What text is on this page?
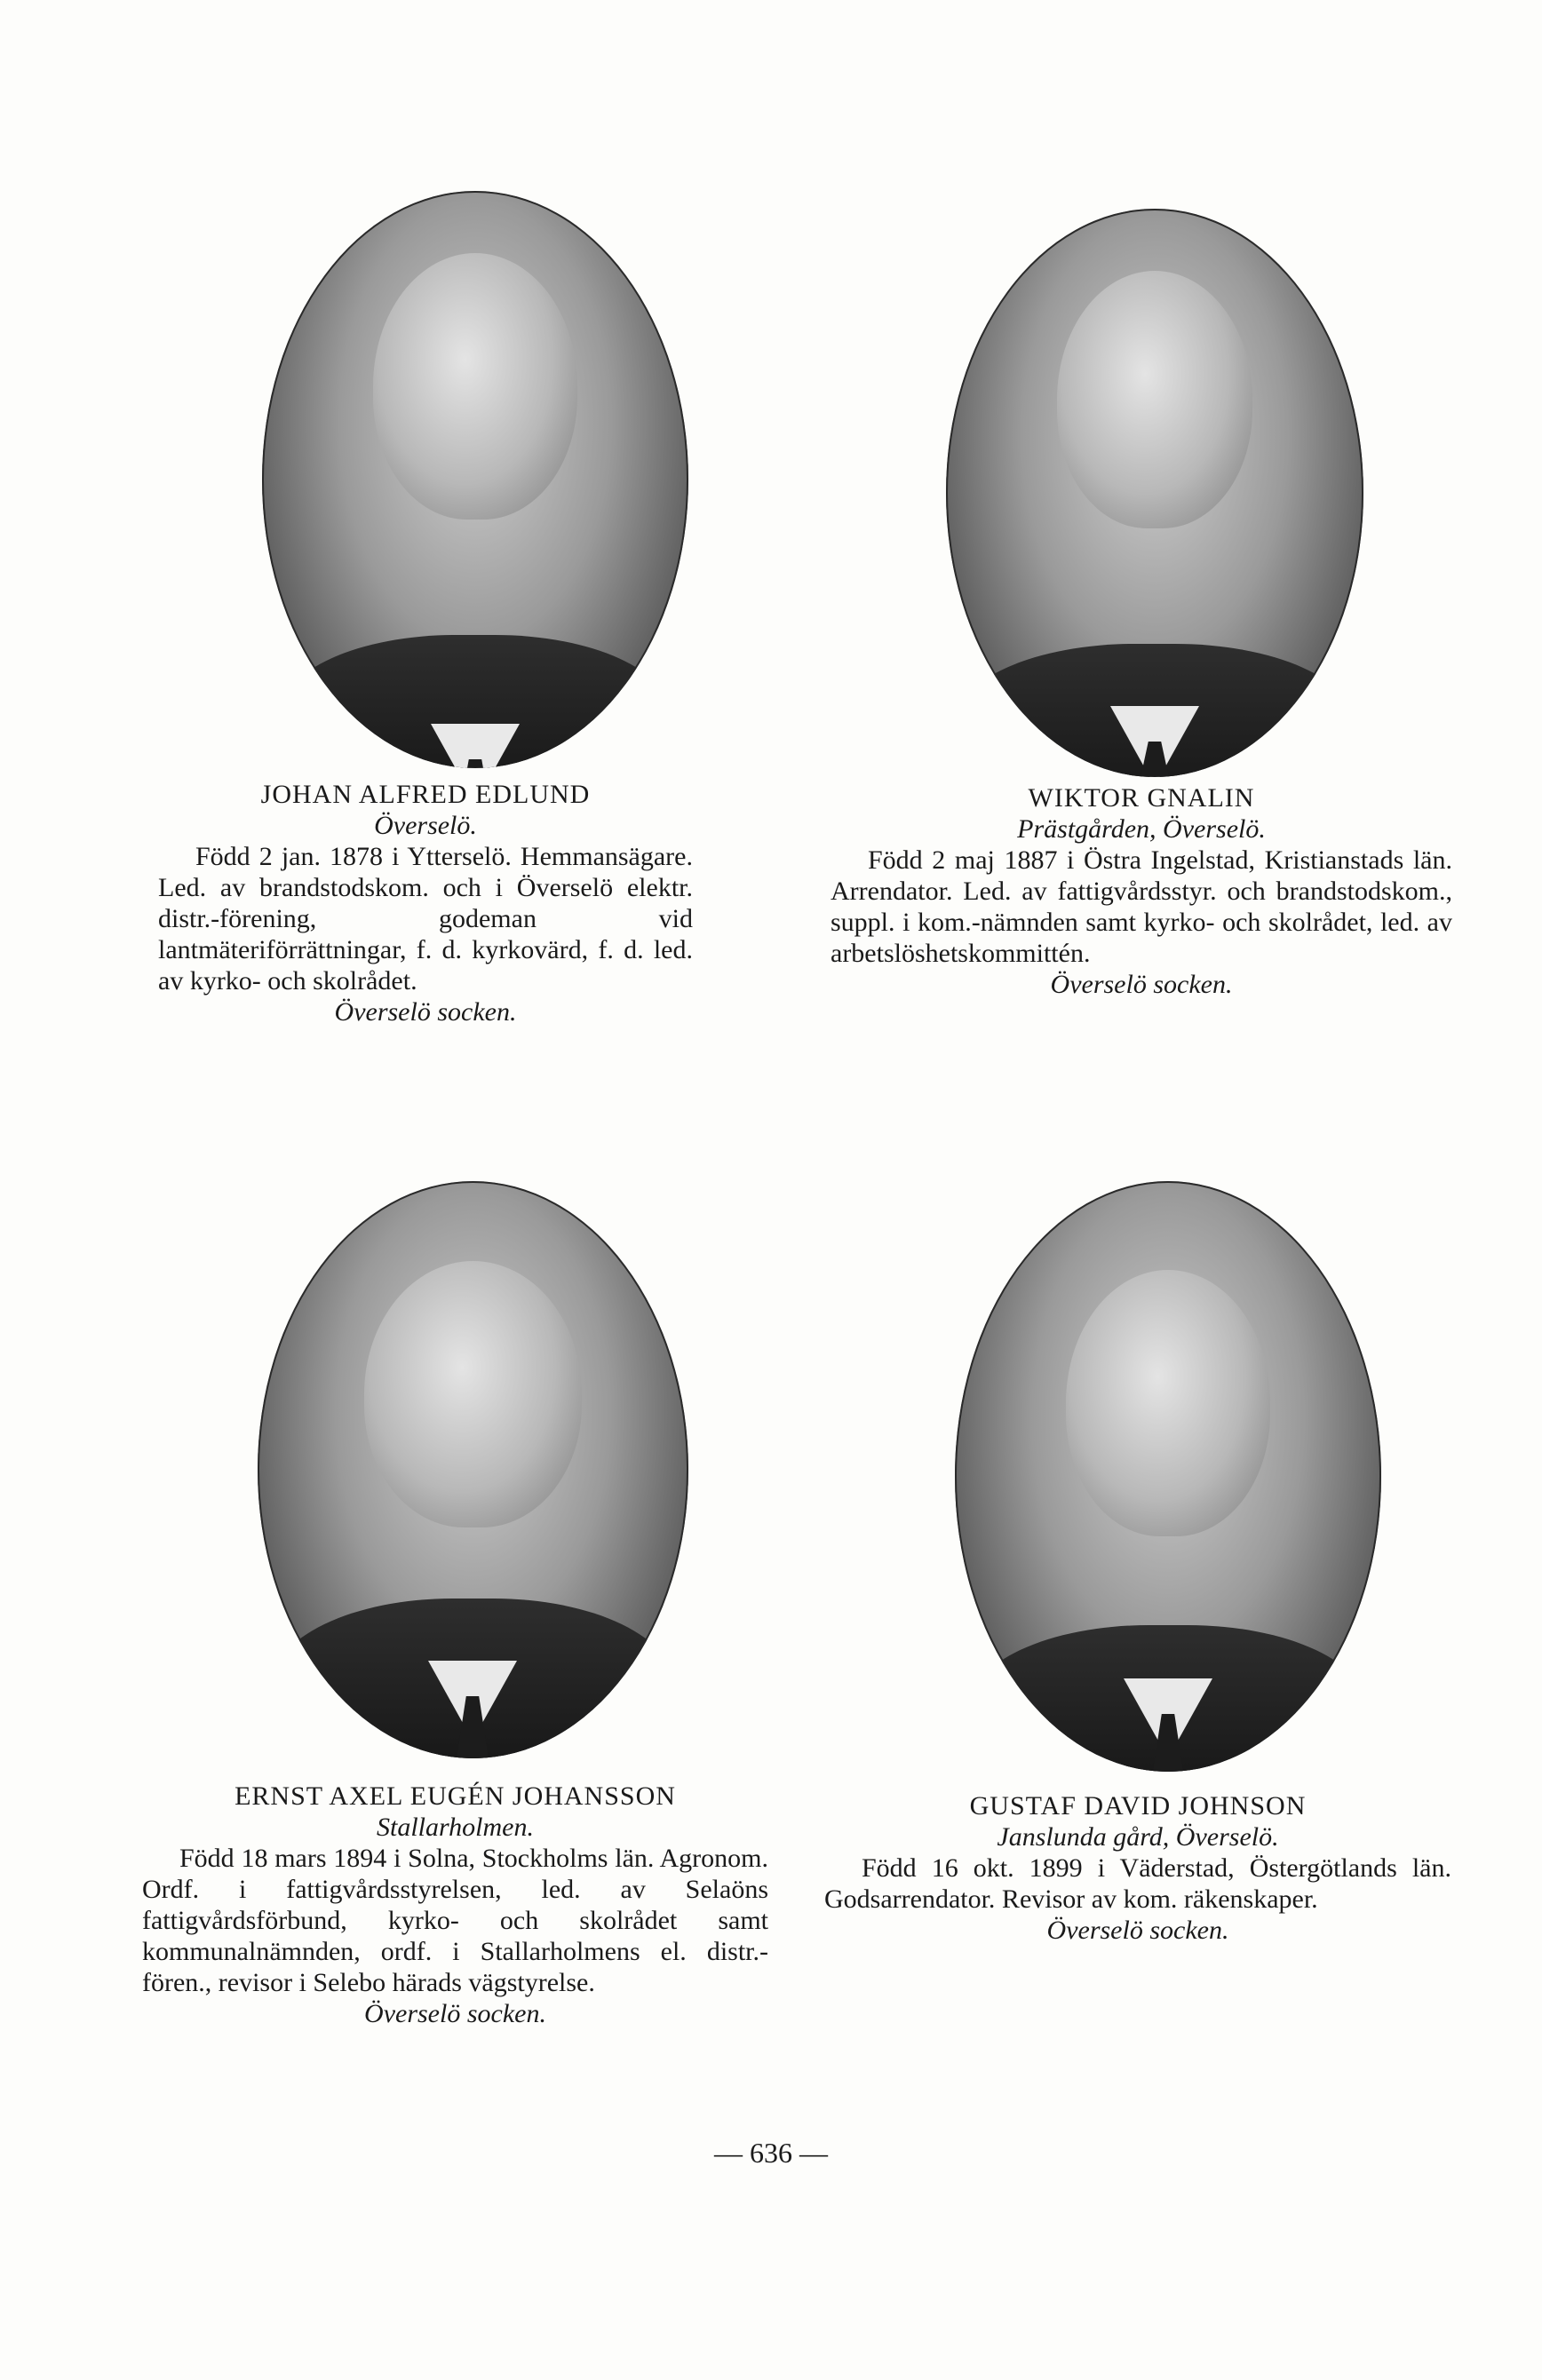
JOHAN ALFRED EDLUND
Överselö.
Född 2 jan. 1878 i Ytterselö. Hemmansägare. Led. av brandstodskom. och i Överselö elektr. distr.-förening, godeman vid lantmäteriförrättningar, f. d. kyrkovärd, f. d. led. av kyrko- och skolrådet.
Överselö socken.
WIKTOR GNALIN
Prästgården, Överselö.
Född 2 maj 1887 i Östra Ingelstad, Kristianstads län. Arrendator. Led. av fattigvårdsstyr. och brandstodskom., suppl. i kom.-nämnden samt kyrko- och skolrådet, led. av arbetslöshetskommittén.
Överselö socken.
ERNST AXEL EUGÉN JOHANSSON
Stallarholmen.
Född 18 mars 1894 i Solna, Stockholms län. Agronom. Ordf. i fattigvårdsstyrelsen, led. av Selaöns fattigvårdsförbund, kyrko- och skolrådet samt kommunalnämnden, ordf. i Stallarholmens el. distr.-fören., revisor i Selebo härads vägstyrelse.
Överselö socken.
GUSTAF DAVID JOHNSON
Janslunda gård, Överselö.
Född 16 okt. 1899 i Väderstad, Östergötlands län. Godsarrendator. Revisor av kom. räkenskaper.
Överselö socken.
— 636 —
